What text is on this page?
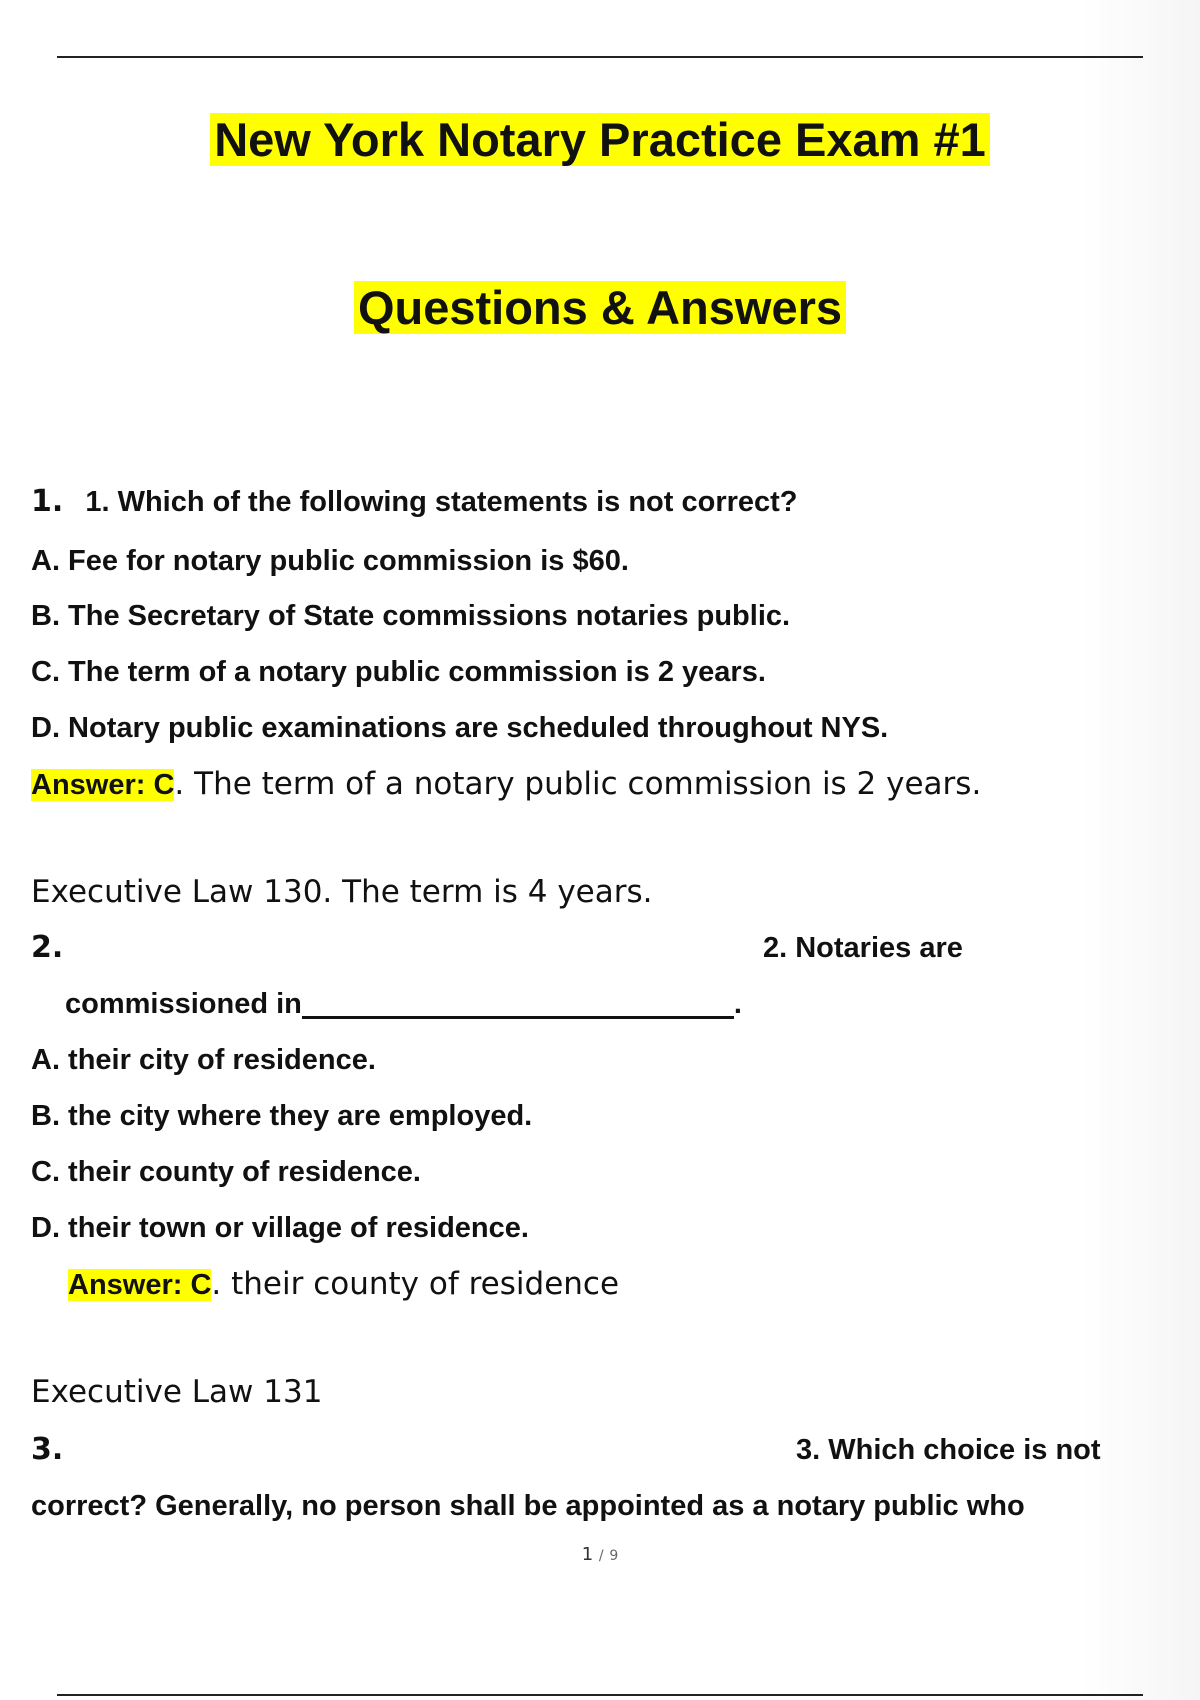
New York Notary Practice Exam #1
Questions & Answers
1. 1. Which of the following statements is not correct?
A. Fee for notary public commission is $60.
B. The Secretary of State commissions notaries public.
C. The term of a notary public commission is 2 years.
D. Notary public examinations are scheduled throughout NYS.
Answer: C. The term of a notary public commission is 2 years.
Executive Law 130. The term is 4 years.
2.	2. Notaries are
commissioned in	.
A. their city of residence.
B. the city where they are employed.
C. their county of residence.
D. their town or village of residence.
Answer: C. their county of residence
Executive Law 131
3.	3. Which choice is not
correct? Generally, no person shall be appointed as a notary public who
1 / 9
